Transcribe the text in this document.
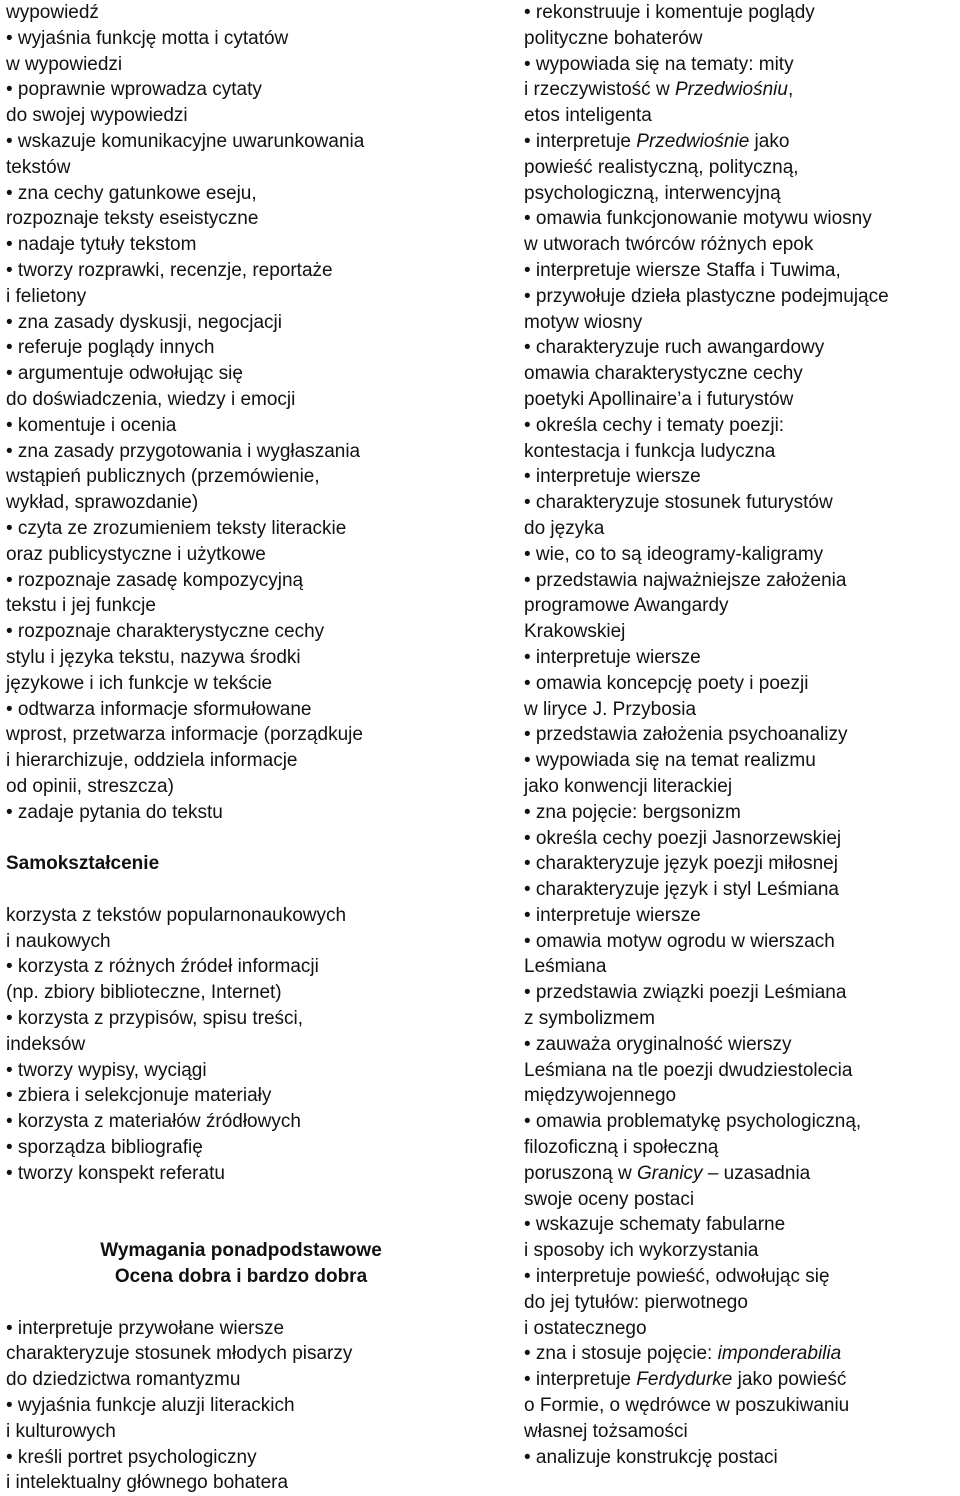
wypowiedź
• wyjaśnia funkcję motta i cytatów
w wypowiedzi
• poprawnie wprowadza cytaty
do swojej wypowiedzi
• wskazuje komunikacyjne uwarunkowania
tekstów
• zna cechy gatunkowe eseju,
rozpoznaje teksty eseistyczne
• nadaje tytuły tekstom
• tworzy rozprawki, recenzje, reportaże
i felietony
• zna zasady dyskusji, negocjacji
• referuje poglądy innych
• argumentuje odwołując się
do doświadczenia, wiedzy i emocji
• komentuje i ocenia
• zna zasady przygotowania i wygłaszania
wstąpień publicznych (przemówienie,
wykład, sprawozdanie)
• czyta ze zrozumieniem teksty literackie
oraz publicystyczne i użytkowe
• rozpoznaje zasadę kompozycyjną
tekstu i jej funkcje
• rozpoznaje charakterystyczne cechy
stylu i języka tekstu, nazywa środki
językowe i ich funkcje w tekście
• odtwarza informacje sformułowane
wprost, przetwarza informacje (porządkuje
i hierarchizuje, oddziela informacje
od opinii, streszcza)
• zadaje pytania do tekstu
Samokształcenie
korzysta z tekstów popularnonaukowych
i naukowych
• korzysta z różnych źródeł informacji
(np. zbiory biblioteczne, Internet)
• korzysta z przypisów, spisu treści,
indeksów
• tworzy wypisy, wyciągi
• zbiera i selekcjonuje materiały
• korzysta z materiałów źródłowych
• sporządza bibliografię
• tworzy konspekt referatu
Wymagania ponadpodstawowe
Ocena dobra i bardzo dobra
• interpretuje przywołane wiersze
charakteryzuje stosunek młodych pisarzy
do dziedzictwa romantyzmu
• wyjaśnia funkcje aluzji literackich
i kulturowych
• kreśli portret psychologiczny
i intelektualny głównego bohatera
• rekonstruuje i komentuje poglądy
polityczne bohaterów
• wypowiada się na tematy: mity
i rzeczywistość w Przedwiośniu,
etos inteligenta
• interpretuje Przedwiośnie jako
powieść realistyczną, polityczną,
psychologiczną, interwencyjną
• omawia funkcjonowanie motywu wiosny
w utworach twórców różnych epok
• interpretuje wiersze Staffa i Tuwima,
• przywołuje dzieła plastyczne podejmujące
motyw wiosny
• charakteryzuje ruch awangardowy
omawia charakterystyczne cechy
poetyki Apollinaire’a i futurystów
• określa cechy i tematy poezji:
kontestacja i funkcja ludyczna
• interpretuje wiersze
• charakteryzuje stosunek futurystów
do języka
• wie, co to są ideogramy-kaligramy
• przedstawia najważniejsze założenia
programowe Awangardy
Krakowskiej
• interpretuje wiersze
• omawia koncepcję poety i poezji
w liryce J. Przybosia
• przedstawia założenia psychoanalizy
• wypowiada się na temat realizmu
jako konwencji literackiej
• zna pojęcie: bergsonizm
• określa cechy poezji Jasnorzewskiej
• charakteryzuje język poezji miłosnej
• charakteryzuje język i styl Leśmiana
• interpretuje wiersze
• omawia motyw ogrodu w wierszach
Leśmiana
• przedstawia związki poezji Leśmiana
z symbolizmem
• zauważa oryginalność wierszy
Leśmiana na tle poezji dwudziestolecia
międzywojennego
• omawia problematykę psychologiczną,
filozoficzną i społeczną
poruszoną w Granicy – uzasadnia
swoje oceny postaci
• wskazuje schematy fabularne
i sposoby ich wykorzystania
• interpretuje powieść, odwołując się
do jej tytułów: pierwotnego
i ostatecznego
• zna i stosuje pojęcie: imponderabilia
• interpretuje Ferdydurke jako powieść
o Formie, o wędrówce w poszukiwaniu
własnej tożsamości
• analizuje konstrukcję postaci
